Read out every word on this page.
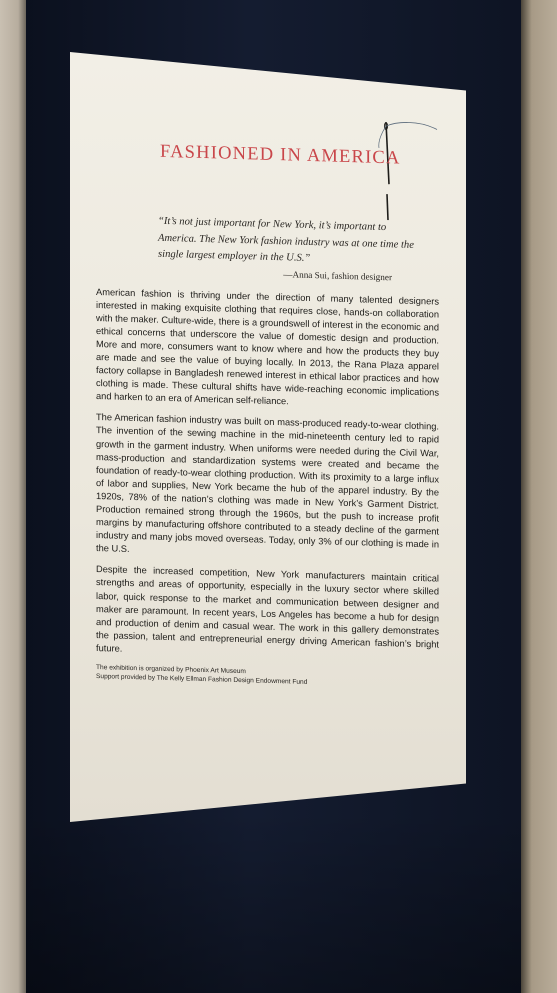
FASHIONED IN AMERICA
“It’s not just important for New York, it’s important to America. The New York fashion industry was at one time the single largest employer in the U.S.”
—Anna Sui, fashion designer

American fashion is thriving under the direction of many talented designers interested in making exquisite clothing that requires close, hands-on collaboration with the maker. Culture-wide, there is a groundswell of interest in the economic and ethical concerns that underscore the value of domestic design and production. More and more, consumers want to know where and how the products they buy are made and see the value of buying locally. In 2013, the Rana Plaza apparel factory collapse in Bangladesh renewed interest in ethical labor practices and how clothing is made. These cultural shifts have wide-reaching economic implications and harken to an era of American self-reliance.

The American fashion industry was built on mass-produced ready-to-wear clothing. The invention of the sewing machine in the mid-nineteenth century led to rapid growth in the garment industry. When uniforms were needed during the Civil War, mass-production and standardization systems were created and became the foundation of ready-to-wear clothing production. With its proximity to a large influx of labor and supplies, New York became the hub of the apparel industry. By the 1920s, 78% of the nation’s clothing was made in New York’s Garment District. Production remained strong through the 1960s, but the push to increase profit margins by manufacturing offshore contributed to a steady decline of the garment industry and many jobs moved overseas. Today, only 3% of our clothing is made in the U.S.

Despite the increased competition, New York manufacturers maintain critical strengths and areas of opportunity, especially in the luxury sector where skilled labor, quick response to the market and communication between designer and maker are paramount. In recent years, Los Angeles has become a hub for design and production of denim and casual wear. The work in this gallery demonstrates the passion, talent and entrepreneurial energy driving American fashion’s bright future.

The exhibition is organized by Phoenix Art Museum
Support provided by The Kelly Ellman Fashion Design Endowment Fund
